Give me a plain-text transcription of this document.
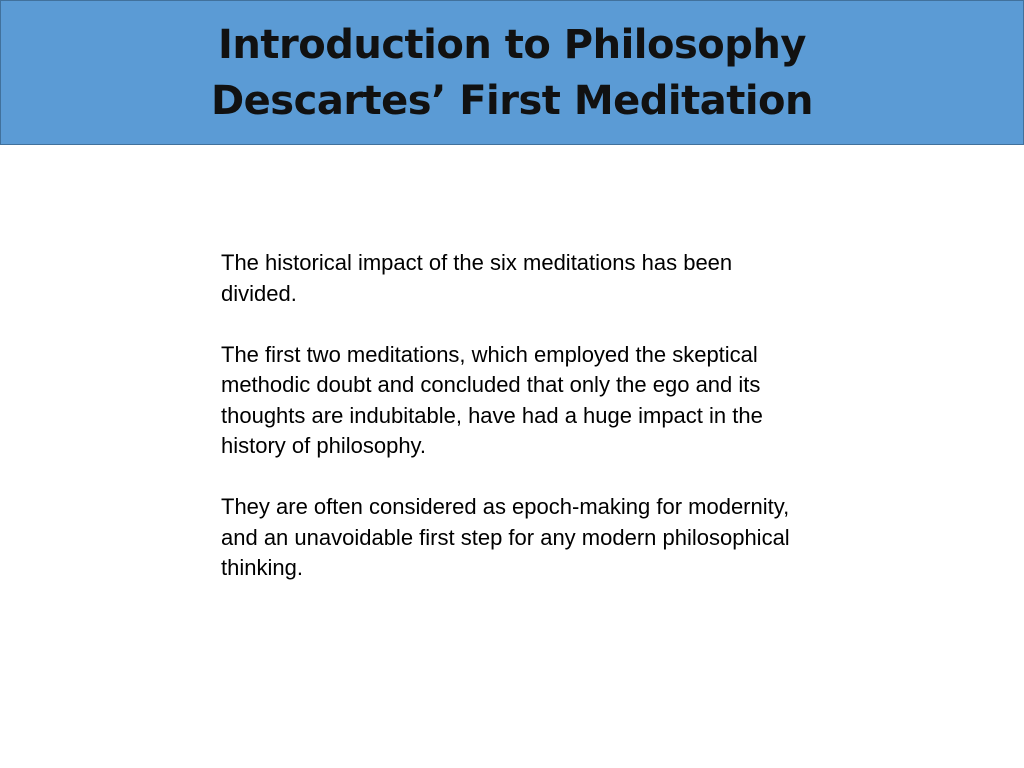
Introduction to Philosophy
Descartes’ First Meditation

The historical impact of the six meditations has been divided.

The first two meditations, which employed the skeptical methodic doubt and concluded that only the ego and its thoughts are indubitable, have had a huge impact in the history of philosophy.

They are often considered as epoch-making for modernity, and an unavoidable first step for any modern philosophical thinking.
